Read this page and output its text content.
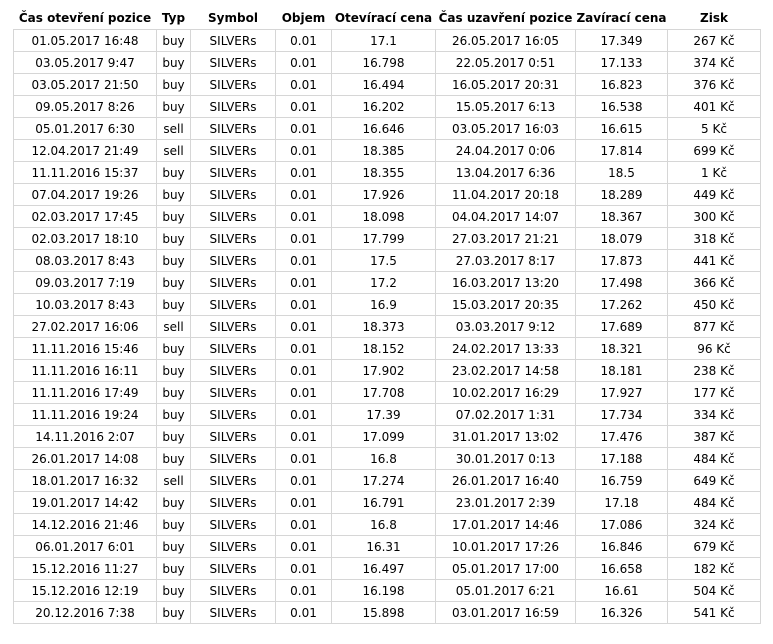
Čas otevření pozice	Typ	Symbol	Objem	Otevírací cena	Čas uzavření pozice	Zavírací cena	Zisk
01.05.2017 16:48	buy	SILVERs	0.01	17.1	26.05.2017 16:05	17.349	267 Kč
03.05.2017 9:47	buy	SILVERs	0.01	16.798	22.05.2017 0:51	17.133	374 Kč
03.05.2017 21:50	buy	SILVERs	0.01	16.494	16.05.2017 20:31	16.823	376 Kč
09.05.2017 8:26	buy	SILVERs	0.01	16.202	15.05.2017 6:13	16.538	401 Kč
05.01.2017 6:30	sell	SILVERs	0.01	16.646	03.05.2017 16:03	16.615	5 Kč
12.04.2017 21:49	sell	SILVERs	0.01	18.385	24.04.2017 0:06	17.814	699 Kč
11.11.2016 15:37	buy	SILVERs	0.01	18.355	13.04.2017 6:36	18.5	1 Kč
07.04.2017 19:26	buy	SILVERs	0.01	17.926	11.04.2017 20:18	18.289	449 Kč
02.03.2017 17:45	buy	SILVERs	0.01	18.098	04.04.2017 14:07	18.367	300 Kč
02.03.2017 18:10	buy	SILVERs	0.01	17.799	27.03.2017 21:21	18.079	318 Kč
08.03.2017 8:43	buy	SILVERs	0.01	17.5	27.03.2017 8:17	17.873	441 Kč
09.03.2017 7:19	buy	SILVERs	0.01	17.2	16.03.2017 13:20	17.498	366 Kč
10.03.2017 8:43	buy	SILVERs	0.01	16.9	15.03.2017 20:35	17.262	450 Kč
27.02.2017 16:06	sell	SILVERs	0.01	18.373	03.03.2017 9:12	17.689	877 Kč
11.11.2016 15:46	buy	SILVERs	0.01	18.152	24.02.2017 13:33	18.321	96 Kč
11.11.2016 16:11	buy	SILVERs	0.01	17.902	23.02.2017 14:58	18.181	238 Kč
11.11.2016 17:49	buy	SILVERs	0.01	17.708	10.02.2017 16:29	17.927	177 Kč
11.11.2016 19:24	buy	SILVERs	0.01	17.39	07.02.2017 1:31	17.734	334 Kč
14.11.2016 2:07	buy	SILVERs	0.01	17.099	31.01.2017 13:02	17.476	387 Kč
26.01.2017 14:08	buy	SILVERs	0.01	16.8	30.01.2017 0:13	17.188	484 Kč
18.01.2017 16:32	sell	SILVERs	0.01	17.274	26.01.2017 16:40	16.759	649 Kč
19.01.2017 14:42	buy	SILVERs	0.01	16.791	23.01.2017 2:39	17.18	484 Kč
14.12.2016 21:46	buy	SILVERs	0.01	16.8	17.01.2017 14:46	17.086	324 Kč
06.01.2017 6:01	buy	SILVERs	0.01	16.31	10.01.2017 17:26	16.846	679 Kč
15.12.2016 11:27	buy	SILVERs	0.01	16.497	05.01.2017 17:00	16.658	182 Kč
15.12.2016 12:19	buy	SILVERs	0.01	16.198	05.01.2017 6:21	16.61	504 Kč
20.12.2016 7:38	buy	SILVERs	0.01	15.898	03.01.2017 16:59	16.326	541 Kč
